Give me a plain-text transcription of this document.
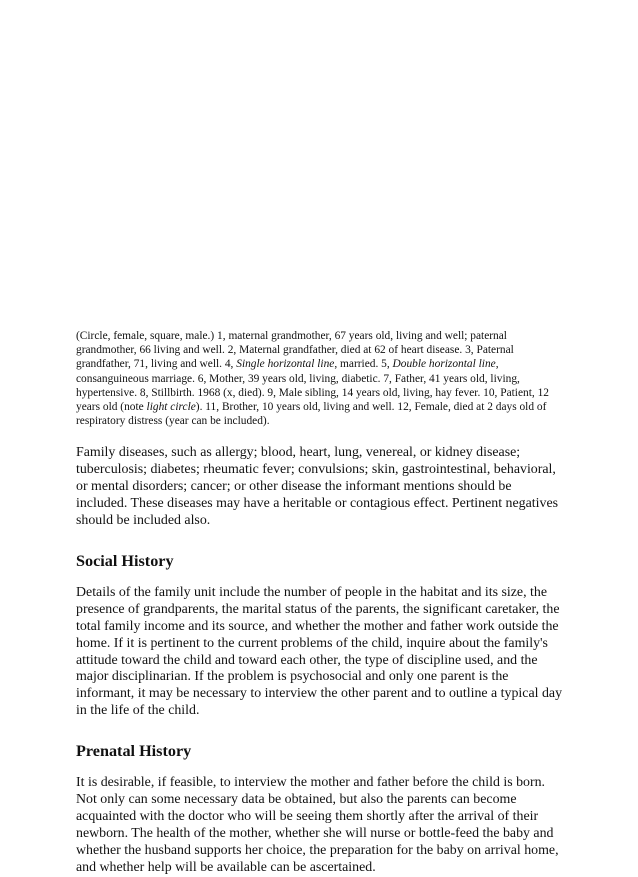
(Circle, female, square, male.) 1, maternal grandmother, 67 years old, living and well; paternal grandmother, 66 living and well. 2, Maternal grandfather, died at 62 of heart disease. 3, Paternal grandfather, 71, living and well. 4, Single horizontal line, married. 5, Double horizontal line, consanguineous marriage. 6, Mother, 39 years old, living, diabetic. 7, Father, 41 years old, living, hypertensive. 8, Stillbirth. 1968 (x, died). 9, Male sibling, 14 years old, living, hay fever. 10, Patient, 12 years old (note light circle). 11, Brother, 10 years old, living and well. 12, Female, died at 2 days old of respiratory distress (year can be included).

Family diseases, such as allergy; blood, heart, lung, venereal, or kidney disease; tuberculosis; diabetes; rheumatic fever; convulsions; skin, gastrointestinal, behavioral, or mental disorders; cancer; or other disease the informant mentions should be included. These diseases may have a heritable or contagious effect. Pertinent negatives should be included also.

Social History

Details of the family unit include the number of people in the habitat and its size, the presence of grandparents, the marital status of the parents, the significant caretaker, the total family income and its source, and whether the mother and father work outside the home. If it is pertinent to the current problems of the child, inquire about the family's attitude toward the child and toward each other, the type of discipline used, and the major disciplinarian. If the problem is psychosocial and only one parent is the informant, it may be necessary to interview the other parent and to outline a typical day in the life of the child.

Prenatal History

It is desirable, if feasible, to interview the mother and father before the child is born. Not only can some necessary data be obtained, but also the parents can become acquainted with the doctor who will be seeing them shortly after the arrival of their newborn. The health of the mother, whether she will nurse or bottle-feed the baby and whether the husband supports her choice, the preparation for the baby on arrival home, and whether help will be available can be ascertained.
